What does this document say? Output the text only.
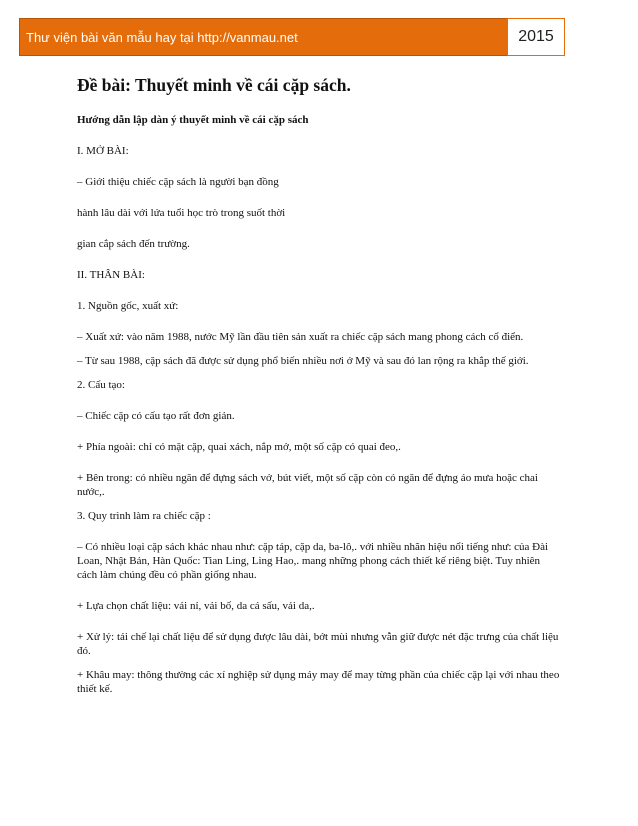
Thư viện bài văn mẫu hay tại http://vanmau.net	2015
Đề bài: Thuyết minh về cái cặp sách.

Hướng dẫn lập dàn ý thuyết minh về cái cặp sách

I. MỞ BÀI:

– Giới thiệu chiếc cặp sách là người bạn đồng

hành lâu dài với lứa tuổi học trò trong suốt thời

gian cắp sách đến trường.

II. THÂN BÀI:

1. Nguồn gốc, xuất xứ:

– Xuất xứ: vào năm 1988, nước Mỹ lần đầu tiên sản xuất ra chiếc cặp sách mang phong cách cổ điển.

– Từ sau 1988, cặp sách đã được sử dụng phổ biến nhiều nơi ở Mỹ và sau đó lan rộng ra khắp thế giới.

2. Cấu tạo:

– Chiếc cặp có cấu tạo rất đơn giản.

+ Phía ngoài: chỉ có mặt cặp, quai xách, nắp mở, một số cặp có quai đeo,.

+ Bên trong: có nhiều ngăn để đựng sách vở, bút viết, một số cặp còn có ngăn để đựng áo mưa hoặc chai nước,.

3. Quy trình làm ra chiếc cặp :

– Có nhiều loại cặp sách khác nhau như: cặp táp, cặp da, ba-lô,. với nhiều nhãn hiệu nổi tiếng như: của Đài Loan, Nhật Bản, Hàn Quốc: Tian Ling, Ling Hao,. mang những phong cách thiết kế riêng biệt. Tuy nhiên cách làm chúng đều có phần giống nhau.

+ Lựa chọn chất liệu: vải nỉ, vải bố, da cá sấu, vải da,.

+ Xử lý: tái chế lại chất liệu để sử dụng được lâu dài, bớt mùi nhưng vẫn giữ được nét đặc trưng của chất liệu đó.

+ Khâu may: thông thường các xí nghiệp sử dụng máy may để may từng phần của chiếc cặp lại với nhau theo thiết kế.
